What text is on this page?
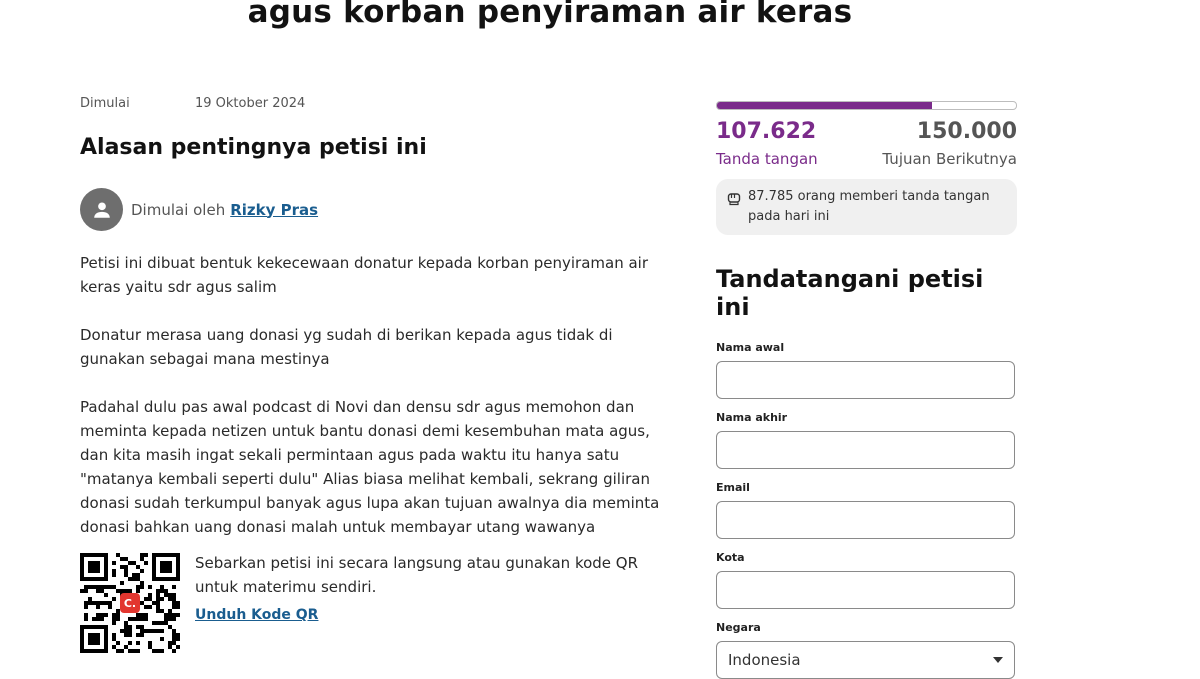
agus korban penyiraman air keras
Dimulai	19 Oktober 2024
Alasan pentingnya petisi ini
Dimulai oleh Rizky Pras
Petisi ini dibuat bentuk kekecewaan donatur kepada korban penyiraman air keras yaitu sdr agus salim
Donatur merasa uang donasi yg sudah di berikan kepada agus tidak di gunakan sebagai mana mestinya
Padahal dulu pas awal podcast di Novi dan densu sdr agus memohon dan meminta kepada netizen untuk bantu donasi demi kesembuhan mata agus, dan kita masih ingat sekali permintaan agus pada waktu itu hanya satu "matanya kembali seperti dulu" Alias biasa melihat kembali, sekrang giliran donasi sudah terkumpul banyak agus lupa akan tujuan awalnya dia meminta donasi bahkan uang donasi malah untuk membayar utang wawanya
C.
Sebarkan petisi ini secara langsung atau gunakan kode QR untuk materimu sendiri.
Unduh Kode QR
107.622	150.000
Tanda tangan	Tujuan Berikutnya
87.785 orang memberi tanda tangan pada hari ini
Tandatangani petisi ini
Nama awal
Nama akhir
Email
Kota
Negara
Indonesia
